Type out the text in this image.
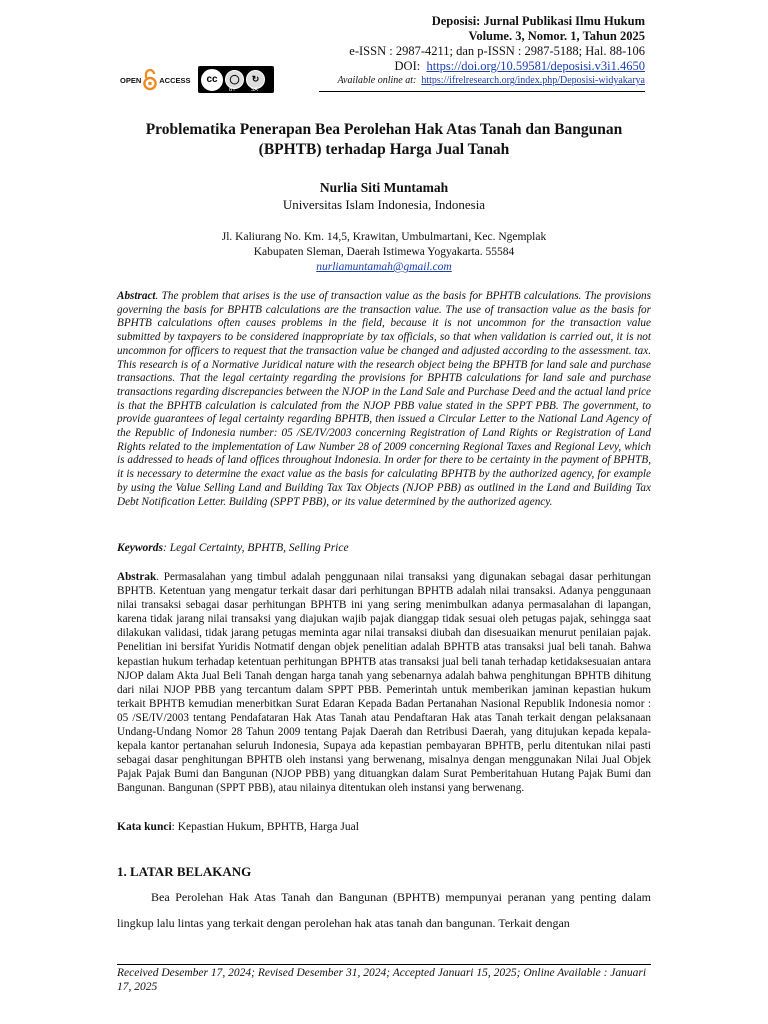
Deposisi: Jurnal Publikasi Ilmu Hukum
Volume. 3, Nomor. 1, Tahun 2025
e-ISSN : 2987-4211; dan p-ISSN : 2987-5188; Hal. 88-106
DOI: https://doi.org/10.59581/deposisi.v3i1.4650
Available online at: https://ifrelresearch.org/index.php/Deposisi-widyakarya
OPEN ACCESS	cc	◯	↻
BY	SA
Problematika Penerapan Bea Perolehan Hak Atas Tanah dan Bangunan (BPHTB) terhadap Harga Jual Tanah
Nurlia Siti Muntamah
Universitas Islam Indonesia, Indonesia
Jl. Kaliurang No. Km. 14,5, Krawitan, Umbulmartani, Kec. Ngemplak
Kabupaten Sleman, Daerah Istimewa Yogyakarta. 55584
nurliamuntamah@gmail.com
Abstract. The problem that arises is the use of transaction value as the basis for BPHTB calculations. The provisions governing the basis for BPHTB calculations are the transaction value. The use of transaction value as the basis for BPHTB calculations often causes problems in the field, because it is not uncommon for the transaction value submitted by taxpayers to be considered inappropriate by tax officials, so that when validation is carried out, it is not uncommon for officers to request that the transaction value be changed and adjusted according to the assessment. tax. This research is of a Normative Juridical nature with the research object being the BPHTB for land sale and purchase transactions. That the legal certainty regarding the provisions for BPHTB calculations for land sale and purchase transactions regarding discrepancies between the NJOP in the Land Sale and Purchase Deed and the actual land price is that the BPHTB calculation is calculated from the NJOP PBB value stated in the SPPT PBB. The government, to provide guarantees of legal certainty regarding BPHTB, then issued a Circular Letter to the National Land Agency of the Republic of Indonesia number: 05 /SE/IV/2003 concerning Registration of Land Rights or Registration of Land Rights related to the implementation of Law Number 28 of 2009 concerning Regional Taxes and Regional Levy, which is addressed to heads of land offices throughout Indonesia. In order for there to be certainty in the payment of BPHTB, it is necessary to determine the exact value as the basis for calculating BPHTB by the authorized agency, for example by using the Value Selling Land and Building Tax Tax Objects (NJOP PBB) as outlined in the Land and Building Tax Debt Notification Letter. Building (SPPT PBB), or its value determined by the authorized agency.
Keywords: Legal Certainty, BPHTB, Selling Price
Abstrak. Permasalahan yang timbul adalah penggunaan nilai transaksi yang digunakan sebagai dasar perhitungan BPHTB. Ketentuan yang mengatur terkait dasar dari perhitungan BPHTB adalah nilai transaksi. Adanya penggunaan nilai transaksi sebagai dasar perhitungan BPHTB ini yang sering menimbulkan adanya permasalahan di lapangan, karena tidak jarang nilai transaksi yang diajukan wajib pajak dianggap tidak sesuai oleh petugas pajak, sehingga saat dilakukan validasi, tidak jarang petugas meminta agar nilai transaksi diubah dan disesuaikan menurut penilaian pajak. Penelitian ini bersifat Yuridis Notmatif dengan objek penelitian adalah BPHTB atas transaksi jual beli tanah. Bahwa kepastian hukum terhadap ketentuan perhitungan BPHTB atas transaksi jual beli tanah terhadap ketidaksesuaian antara NJOP dalam Akta Jual Beli Tanah dengan harga tanah yang sebenarnya adalah bahwa penghitungan BPHTB dihitung dari nilai NJOP PBB yang tercantum dalam SPPT PBB. Pemerintah untuk memberikan jaminan kepastian hukum terkait BPHTB kemudian menerbitkan Surat Edaran Kepada Badan Pertanahan Nasional Republik Indonesia nomor : 05 /SE/IV/2003 tentang Pendafataran Hak Atas Tanah atau Pendaftaran Hak atas Tanah terkait dengan pelaksanaan Undang-Undang Nomor 28 Tahun 2009 tentang Pajak Daerah dan Retribusi Daerah, yang ditujukan kepada kepala-kepala kantor pertanahan seluruh Indonesia, Supaya ada kepastian pembayaran BPHTB, perlu ditentukan nilai pasti sebagai dasar penghitungan BPHTB oleh instansi yang berwenang, misalnya dengan menggunakan Nilai Jual Objek Pajak Pajak Bumi dan Bangunan (NJOP PBB) yang dituangkan dalam Surat Pemberitahuan Hutang Pajak Bumi dan Bangunan. Bangunan (SPPT PBB), atau nilainya ditentukan oleh instansi yang berwenang.
Kata kunci: Kepastian Hukum, BPHTB, Harga Jual
1. LATAR BELAKANG
Bea Perolehan Hak Atas Tanah dan Bangunan (BPHTB) mempunyai peranan yang penting dalam lingkup lalu lintas yang terkait dengan perolehan hak atas tanah dan bangunan. Terkait dengan
Received Desember 17, 2024; Revised Desember 31, 2024; Accepted Januari 15, 2025; Online Available : Januari 17, 2025
